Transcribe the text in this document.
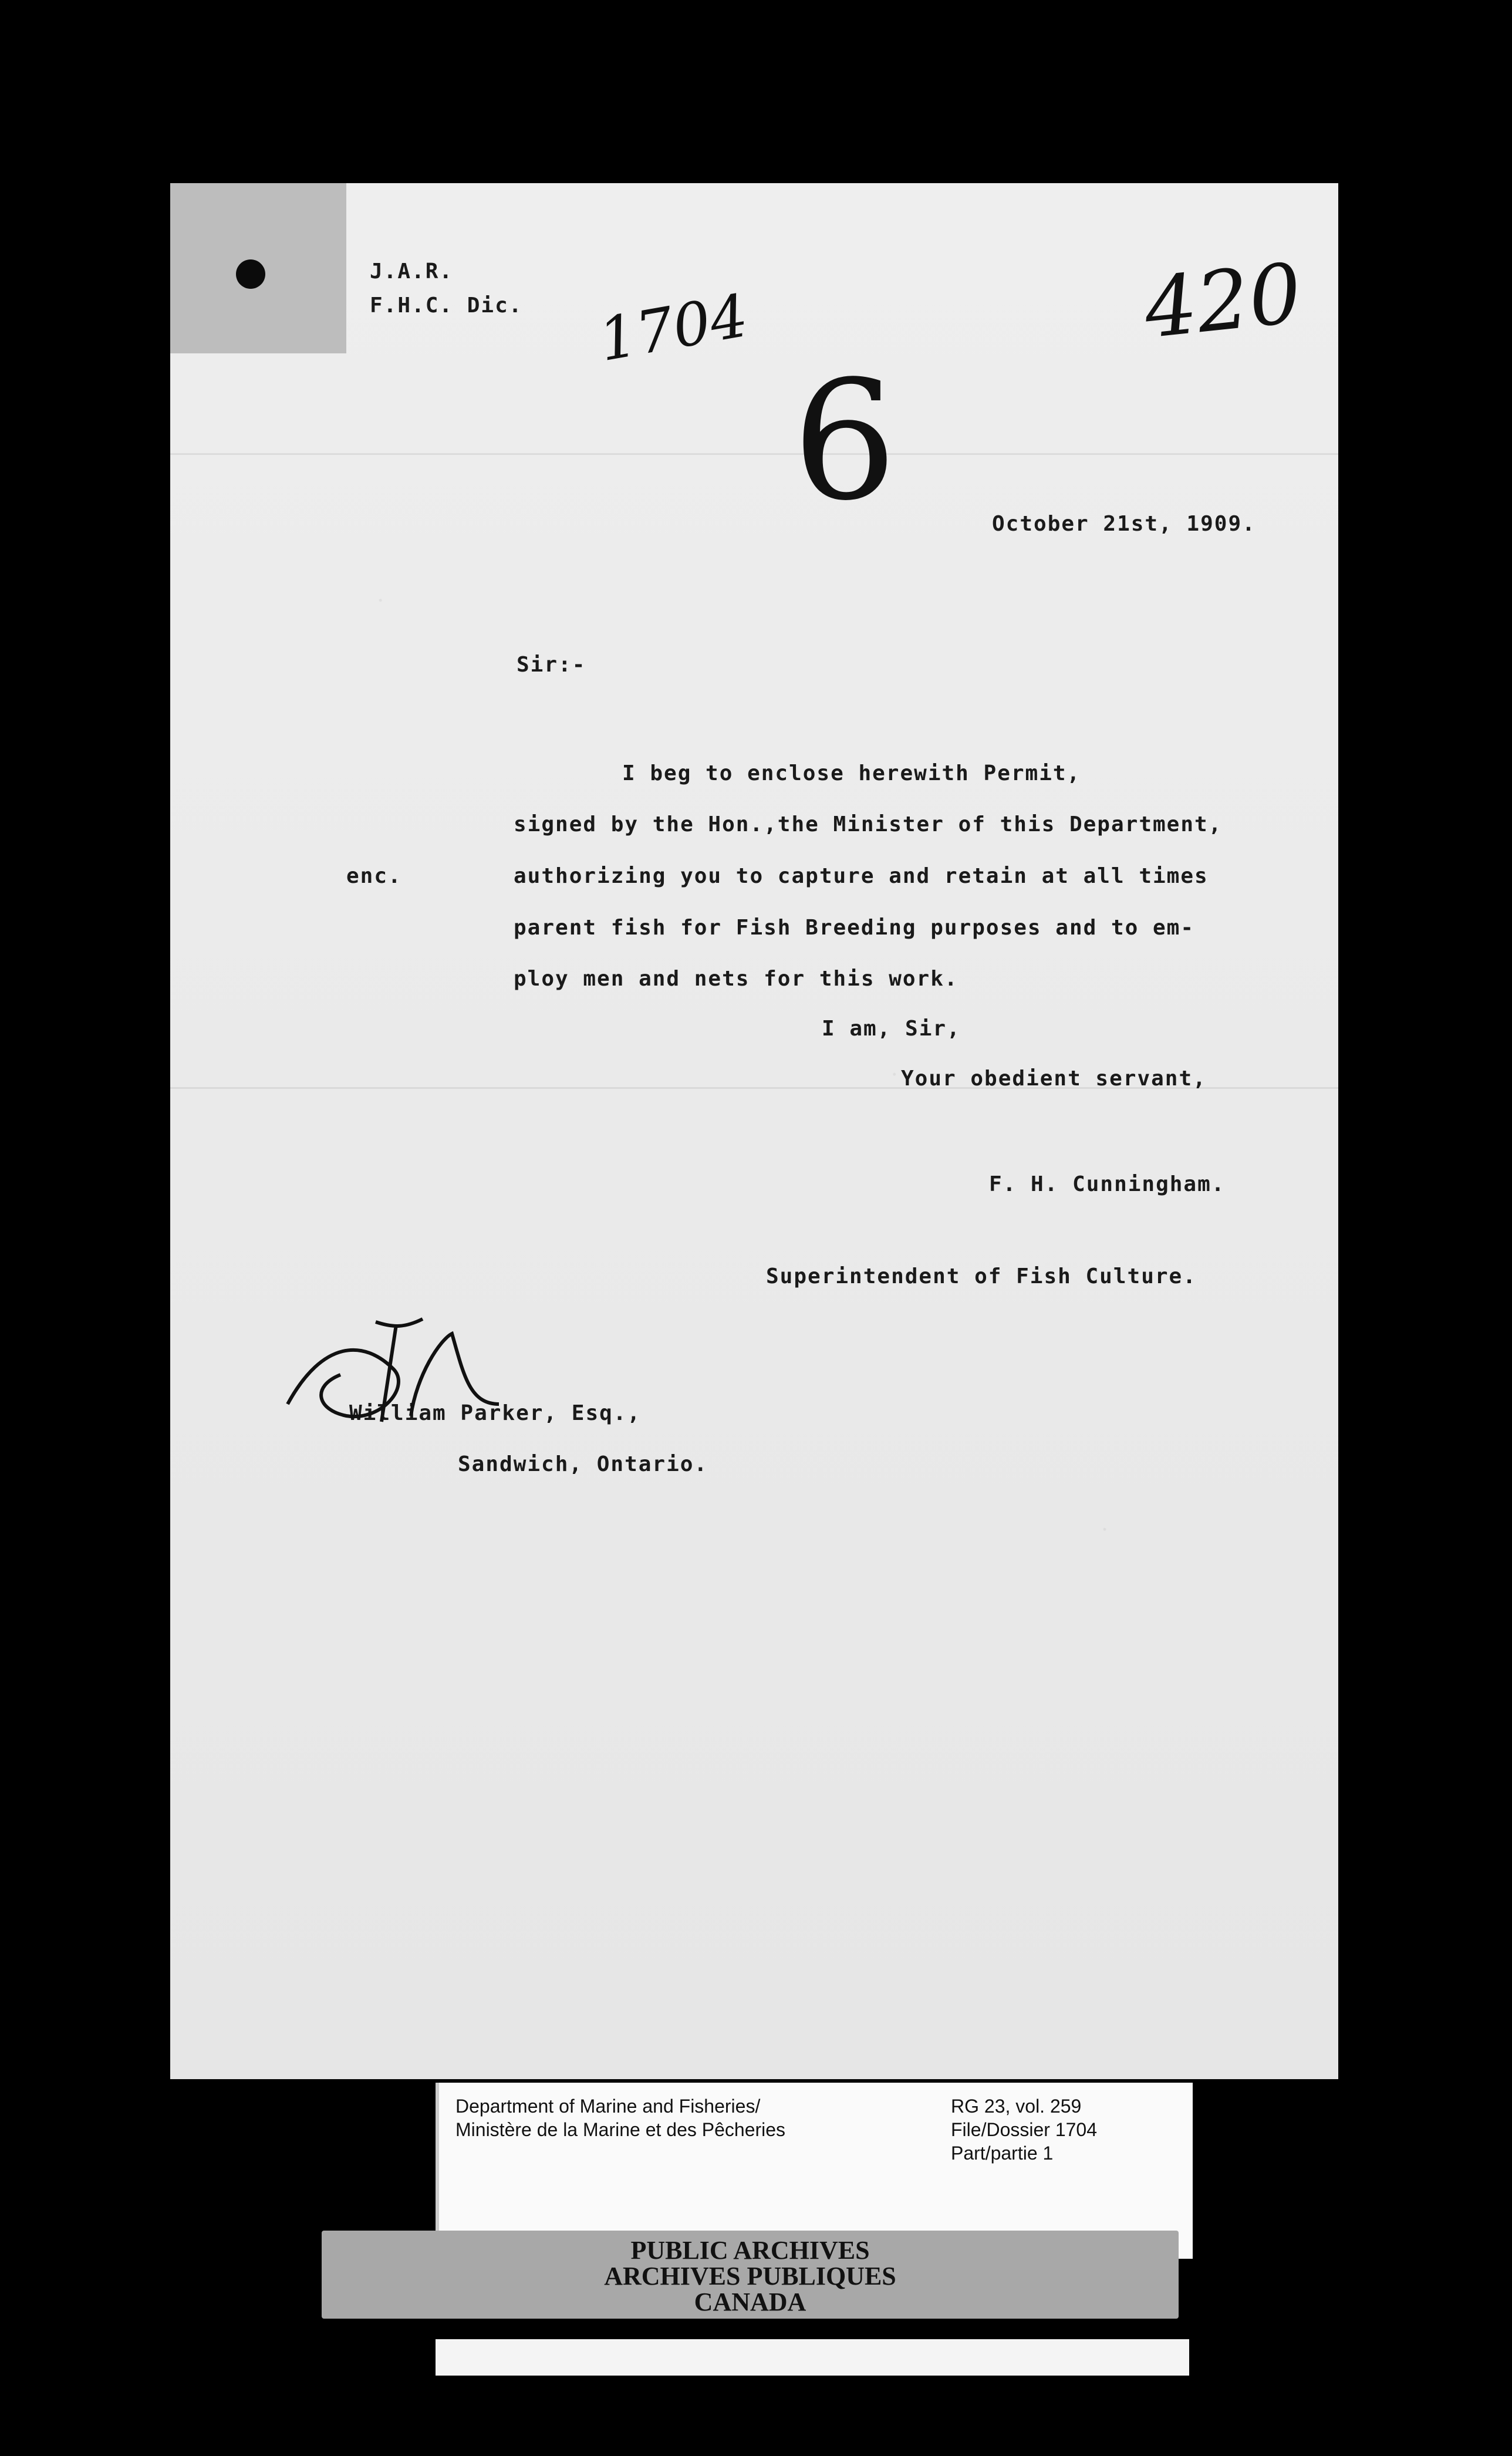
J.A.R.
F.H.C. Dic. 1704	420
6	October 21st, 1909.
Sir:-
I beg to enclose herewith Permit,
signed by the Hon.,the Minister of this Department,
enc.	authorizing you to capture and retain at all times
parent fish for Fish Breeding purposes and to em-
ploy men and nets for this work.
I am, Sir,
Your obedient servant,
F. H. Cunningham.
Superintendent of Fish Culture.
William Parker, Esq.,
Sandwich, Ontario.
Department of Marine and Fisheries/
Ministère de la Marine et des Pêcheries
RG 23, vol. 259
File/Dossier 1704
Part/partie 1
PUBLIC ARCHIVES
ARCHIVES PUBLIQUES
CANADA
